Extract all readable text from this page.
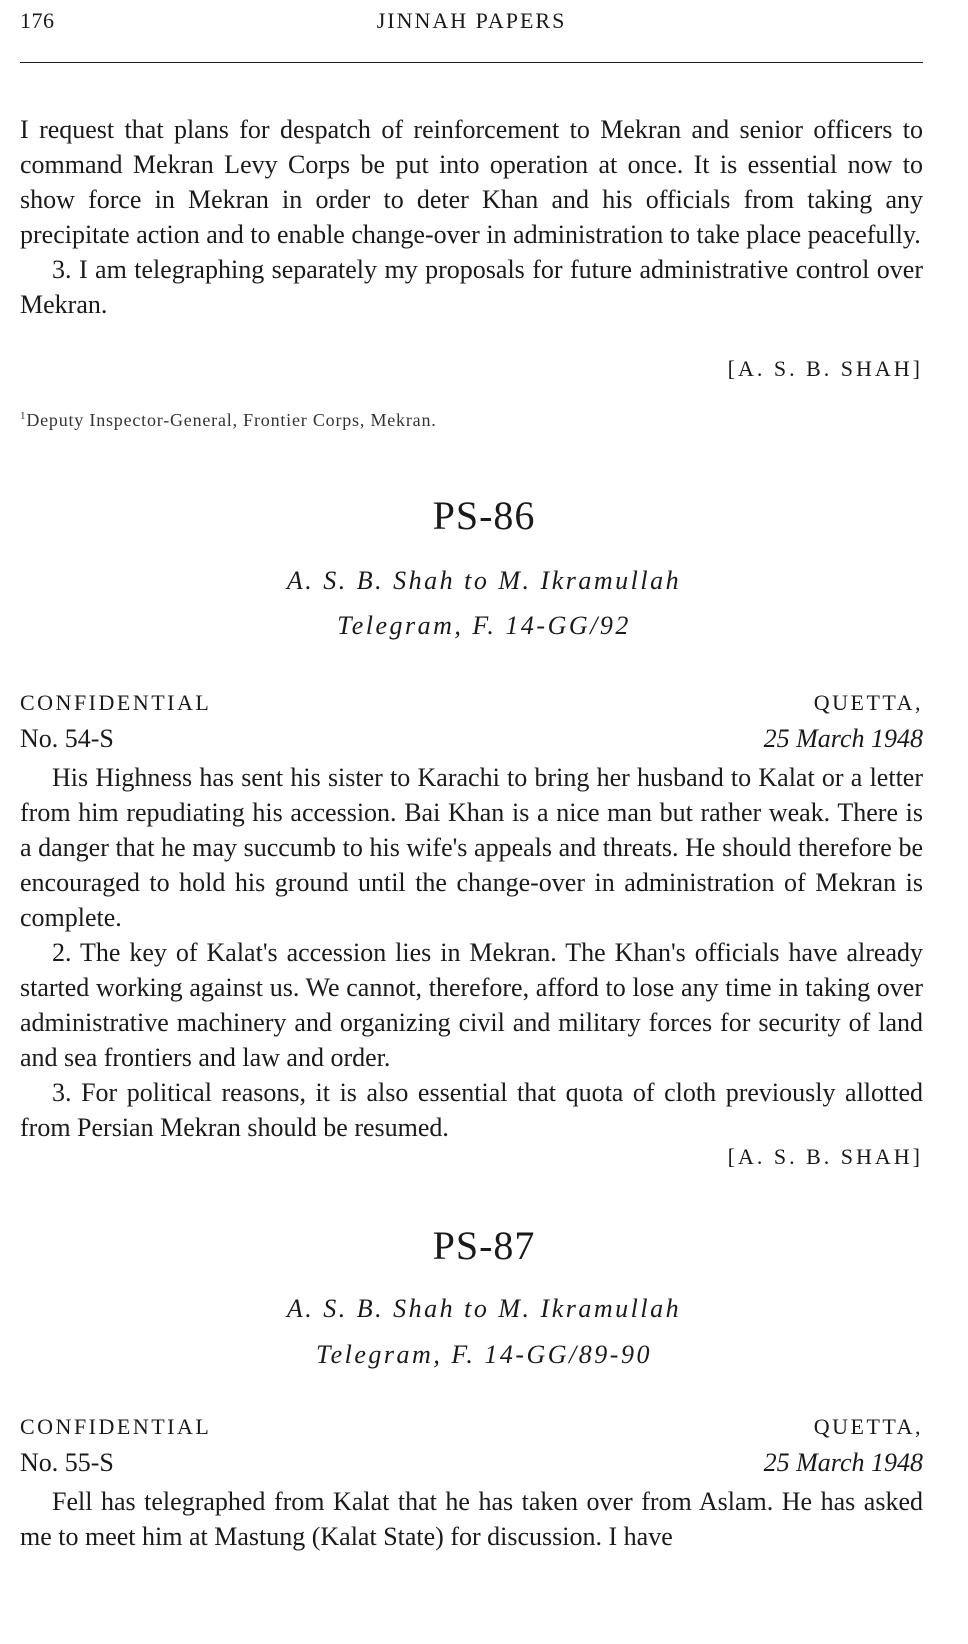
176	JINNAH PAPERS

I request that plans for despatch of reinforcement to Mekran and senior officers to command Mekran Levy Corps be put into operation at once. It is essential now to show force in Mekran in order to deter Khan and his officials from taking any precipitate action and to enable change-over in administration to take place peacefully.

3. I am telegraphing separately my proposals for future administrative control over Mekran.

[A. S. B. SHAH]
$^1$Deputy Inspector-General, Frontier Corps, Mekran.
PS-86
A. S. B. Shah to M. Ikramullah
Telegram, F. 14-GG/92
CONFIDENTIAL	QUETTA,
No. 54-S	25 March 1948

His Highness has sent his sister to Karachi to bring her husband to Kalat or a letter from him repudiating his accession. Bai Khan is a nice man but rather weak. There is a danger that he may succumb to his wife's appeals and threats. He should therefore be encouraged to hold his ground until the change-over in administration of Mekran is complete.

2. The key of Kalat's accession lies in Mekran. The Khan's officials have already started working against us. We cannot, therefore, afford to lose any time in taking over administrative machinery and organizing civil and military forces for security of land and sea frontiers and law and order.

3. For political reasons, it is also essential that quota of cloth previously allotted from Persian Mekran should be resumed.

[A. S. B. SHAH]
PS-87
A. S. B. Shah to M. Ikramullah
Telegram, F. 14-GG/89-90
CONFIDENTIAL	QUETTA,
No. 55-S	25 March 1948

Fell has telegraphed from Kalat that he has taken over from Aslam. He has asked me to meet him at Mastung (Kalat State) for discussion. I have
